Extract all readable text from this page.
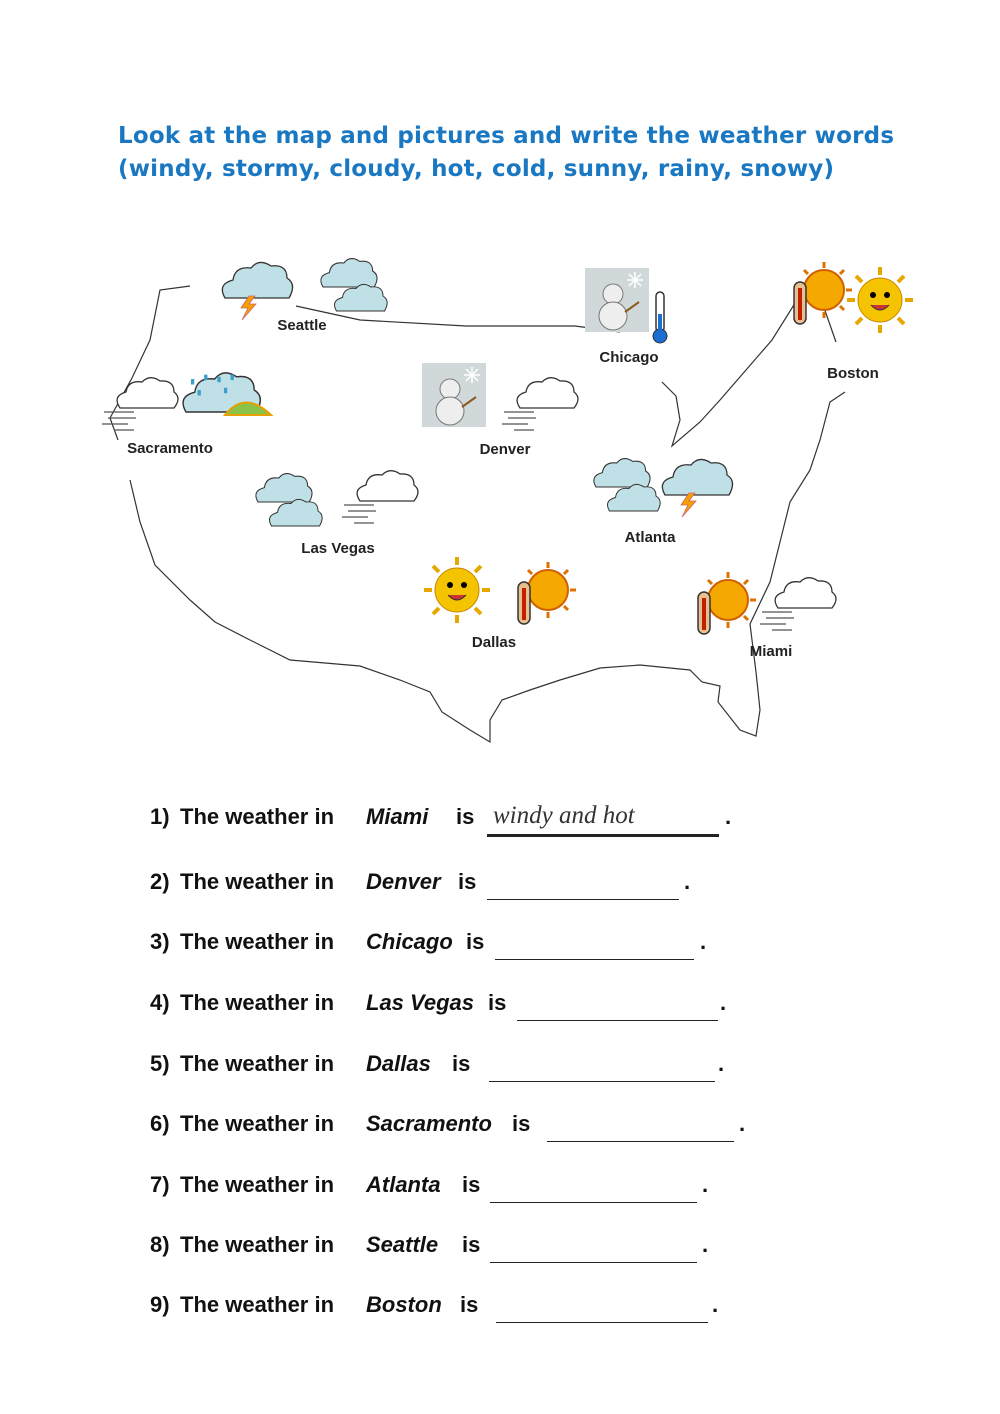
Look at the map and pictures and write the weather words
(windy, stormy, cloudy, hot, cold, sunny, rainy, snowy)
Seattle
Chicago
Boston
Sacramento	Denver
Las Vegas
Atlanta
Dallas
Miami
1) The weather in Miami is windy and hot	.
2) The weather in Denver is	.
3) The weather in Chicago is	.
4) The weather in Las Vegas is	.
5) The weather in Dallas is	.
6) The weather in Sacramento is	.
7) The weather in Atlanta is	.
8) The weather in Seattle is	.
9) The weather in Boston is	.
